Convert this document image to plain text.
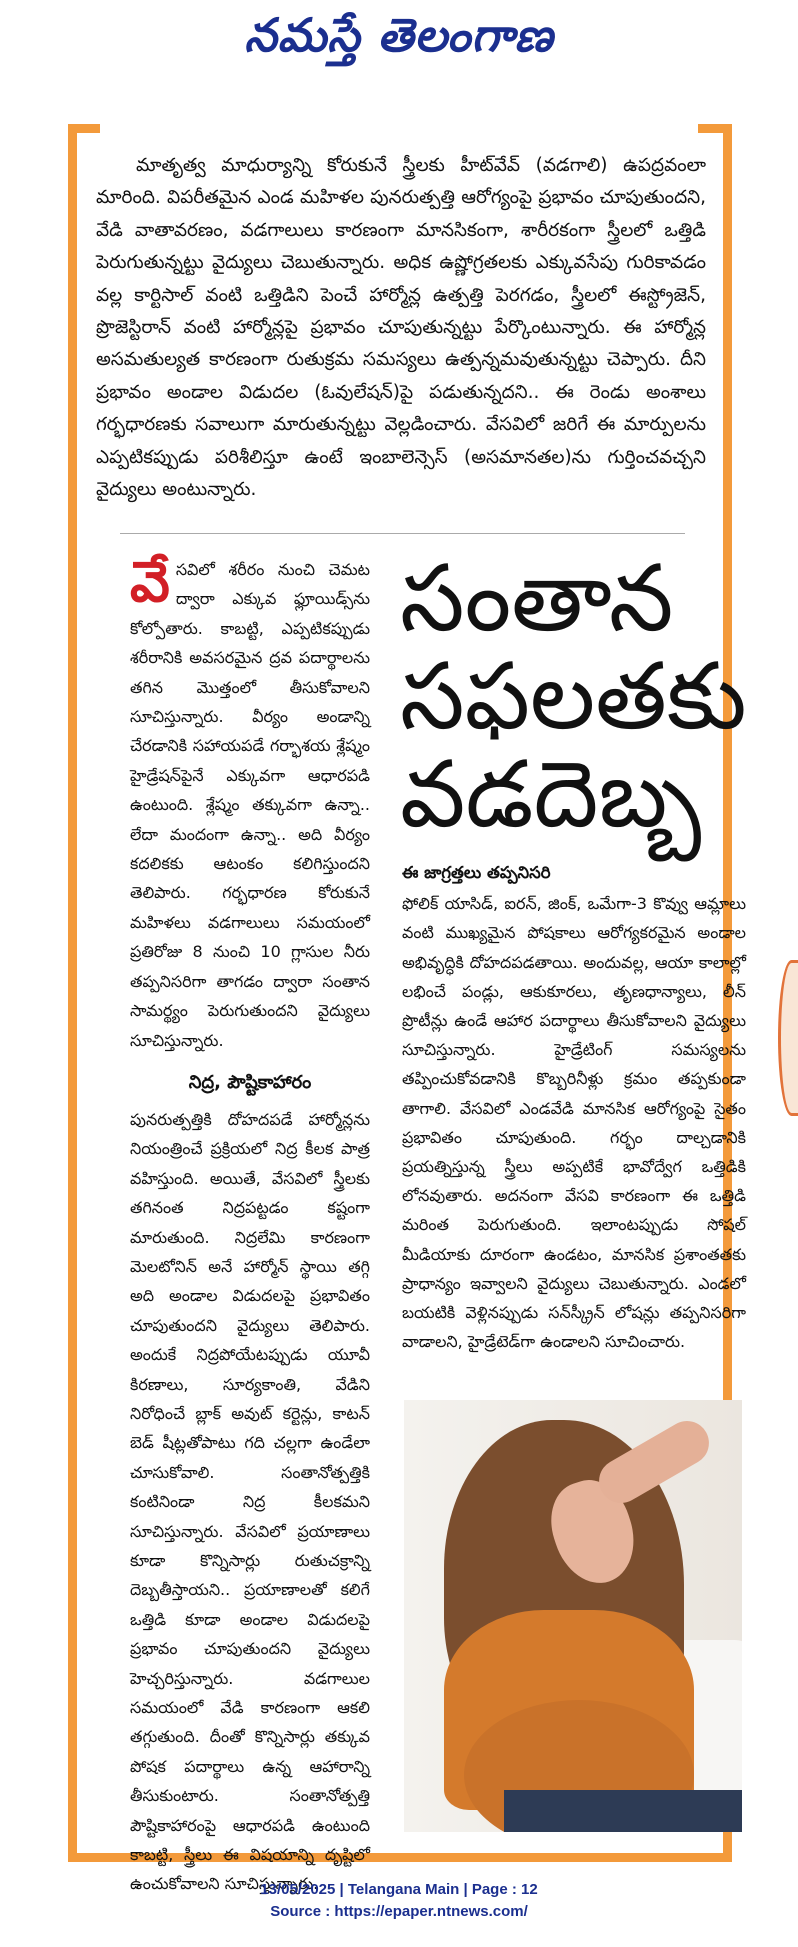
నమస్తే తెలంగాణ

మాతృత్వ మాధుర్యాన్ని కోరుకునే స్త్రీలకు హీట్‌వేవ్ (వడగాలి) ఉపద్రవంలా మారింది. విపరీతమైన ఎండ మహిళల పునరుత్పత్తి ఆరోగ్యంపై ప్రభావం చూపుతుందని, వేడి వాతావరణం, వడగాలులు కారణంగా మానసికంగా, శారీరకంగా స్త్రీలలో ఒత్తిడి పెరుగుతున్నట్టు వైద్యులు చెబుతున్నారు. అధిక ఉష్ణోగ్రతలకు ఎక్కువసేపు గురికావడం వల్ల కార్టిసాల్ వంటి ఒత్తిడిని పెంచే హార్మోన్ల ఉత్పత్తి పెరగడం, స్త్రీలలో ఈస్ట్రోజెన్, ప్రొజెస్టిరాన్ వంటి హార్మోన్లపై ప్రభావం చూపుతున్నట్టు పేర్కొంటున్నారు. ఈ హార్మోన్ల అసమతుల్యత కారణంగా రుతుక్రమ సమస్యలు ఉత్పన్నమవుతున్నట్టు చెప్పారు. దీని ప్రభావం అండాల విడుదల (ఓవులేషన్)పై పడుతున్నదని.. ఈ రెండు అంశాలు గర్భధారణకు సవాలుగా మారుతున్నట్టు వెల్లడించారు. వేసవిలో జరిగే ఈ మార్పులను ఎప్పటికప్పుడు పరిశీలిస్తూ ఉంటే ఇంబాలెన్సెస్ (అసమానతల)ను గుర్తించవచ్చని వైద్యులు అంటున్నారు.

వేసవిలో శరీరం నుంచి చెమట ద్వారా ఎక్కువ ఫ్లూయిడ్స్‌ను కోల్పోతారు. కాబట్టి, ఎప్పటికప్పుడు శరీరానికి అవసరమైన ద్రవ పదార్థాలను తగిన మొత్తంలో తీసుకోవాలని సూచిస్తున్నారు. వీర్యం అండాన్ని చేరడానికి సహాయపడే గర్భాశయ శ్లేష్మం హైడ్రేషన్‌పైనే ఎక్కువగా ఆధారపడి ఉంటుంది. శ్లేష్మం తక్కువగా ఉన్నా.. లేదా మందంగా ఉన్నా.. అది వీర్యం కదలికకు ఆటంకం కలిగిస్తుందని తెలిపారు. గర్భధారణ కోరుకునే మహిళలు వడగాలులు సమయంలో ప్రతిరోజు 8 నుంచి 10 గ్లాసుల నీరు తప్పనిసరిగా తాగడం ద్వారా సంతాన సామర్థ్యం పెరుగుతుందని వైద్యులు సూచిస్తున్నారు.

నిద్ర, పౌష్టికాహారం

పునరుత్పత్తికి దోహదపడే హార్మోన్లను నియంత్రించే ప్రక్రియలో నిద్ర కీలక పాత్ర వహిస్తుంది. అయితే, వేసవిలో స్త్రీలకు తగినంత నిద్రపట్టడం కష్టంగా మారుతుంది. నిద్రలేమి కారణంగా మెలటోనిన్ అనే హార్మోన్ స్థాయి తగ్గి అది అండాల విడుదలపై ప్రభావితం చూపుతుందని వైద్యులు తెలిపారు. అందుకే నిద్రపోయేటప్పుడు యూవీ కిరణాలు, సూర్యకాంతి, వేడిని నిరోధించే బ్లాక్ అవుట్ కర్టెన్లు, కాటన్ బెడ్ షీట్లతోపాటు గది చల్లగా ఉండేలా చూసుకోవాలి. సంతానోత్పత్తికి కంటినిండా నిద్ర కీలకమని సూచిస్తున్నారు. వేసవిలో ప్రయాణాలు కూడా కొన్నిసార్లు రుతుచక్రాన్ని దెబ్బతీస్తాయని.. ప్రయాణాలతో కలిగే ఒత్తిడి కూడా అండాల విడుదలపై ప్రభావం చూపుతుందని వైద్యులు హెచ్చరిస్తున్నారు. వడగాలుల సమయంలో వేడి కారణంగా ఆకలి తగ్గుతుంది. దీంతో కొన్నిసార్లు తక్కువ పోషక పదార్థాలు ఉన్న ఆహారాన్ని తీసుకుంటారు. సంతానోత్పత్తి పౌష్టికాహారంపై ఆధారపడి ఉంటుంది కాబట్టి, స్త్రీలు ఈ విషయాన్ని దృష్టిలో ఉంచుకోవాలని సూచిస్తున్నారు.

సంతాన
సఫలతకు
వడదెబ్బ
ఈ జాగ్రత్తలు తప్పనిసరి

ఫోలిక్ యాసిడ్, ఐరన్, జింక్, ఒమేగా-3 కొవ్వు ఆమ్లాలు వంటి ముఖ్యమైన పోషకాలు ఆరోగ్యకరమైన అండాల అభివృద్ధికి దోహదపడతాయి. అందువల్ల, ఆయా కాలాల్లో లభించే పండ్లు, ఆకుకూరలు, తృణధాన్యాలు, లీన్ ప్రొటీన్లు ఉండే ఆహార పదార్థాలు తీసుకోవాలని వైద్యులు సూచిస్తున్నారు. హైడ్రేటింగ్ సమస్యలను తప్పించుకోవడానికి కొబ్బరినీళ్లు క్రమం తప్పకుండా తాగాలి. వేసవిలో ఎండవేడి మానసిక ఆరోగ్యంపై సైతం ప్రభావితం చూపుతుంది. గర్భం దాల్చడానికి ప్రయత్నిస్తున్న స్త్రీలు అప్పటికే భావోద్వేగ ఒత్తిడికి లోనవుతారు. అదనంగా వేసవి కారణంగా ఈ ఒత్తిడి మరింత పెరుగుతుంది. ఇలాంటప్పుడు సోషల్ మీడియాకు దూరంగా ఉండటం, మానసిక ప్రశాంతతకు ప్రాధాన్యం ఇవ్వాలని వైద్యులు చెబుతున్నారు. ఎండలో బయటికి వెళ్లినప్పుడు సన్‌స్క్రీన్ లోషన్లు తప్పనిసరిగా వాడాలని, హైడ్రేటెడ్‌గా ఉండాలని సూచించారు.

13/05/2025 | Telangana Main | Page : 12
Source : https://epaper.ntnews.com/
